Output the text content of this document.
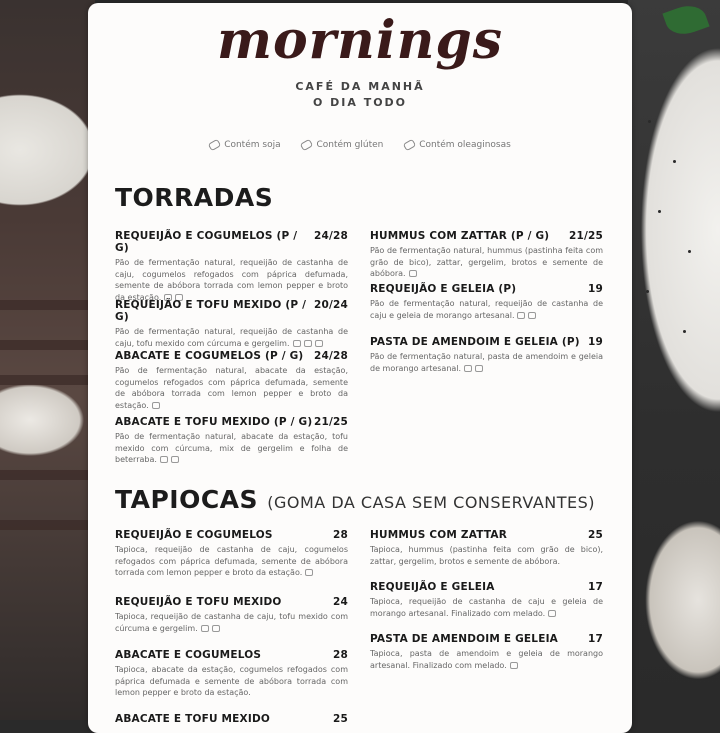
mornings
CAFÉ DA MANHÃ
O DIA TODO
Contém soja	Contém glúten	Contém oleaginosas
TORRADAS
REQUEIJÃO E COGUMELOS (P / G)
24/28
Pão de fermentação natural, requeijão de castanha de caju, cogumelos refogados com páprica defumada, semente de abóbora torrada com lemon pepper e broto da estação.
REQUEIJÃO E TOFU MEXIDO (P / G)
20/24
Pão de fermentação natural, requeijão de castanha de caju, tofu mexido com cúrcuma e gergelim.
ABACATE E COGUMELOS (P / G) 24/28
Pão de fermentação natural, abacate da estação, cogumelos refogados com páprica defumada, semente de abóbora torrada com lemon pepper e broto da estação.
ABACATE E TOFU MEXIDO (P / G) 21/25
Pão de fermentação natural, abacate da estação, tofu mexido com cúrcuma, mix de gergelim e folha de beterraba.
HUMMUS COM ZATTAR (P / G) 21/25
Pão de fermentação natural, hummus (pastinha feita com grão de bico), zattar, gergelim, brotos e semente de abóbora.
REQUEIJÃO E GELEIA (P)	19
Pão de fermentação natural, requeijão de castanha de caju e geleia de morango artesanal.
PASTA DE AMENDOIM E GELEIA (P) 19
Pão de fermentação natural, pasta de amendoim e geleia de morango artesanal.
TAPIOCAS (GOMA DA CASA SEM CONSERVANTES)
REQUEIJÃO E COGUMELOS	28
Tapioca, requeijão de castanha de caju, cogumelos refogados com páprica defumada, semente de abóbora torrada com lemon pepper e broto da estação.
REQUEIJÃO E TOFU MEXIDO	24
Tapioca, requeijão de castanha de caju, tofu mexido com cúrcuma e gergelim.
ABACATE E COGUMELOS	28
Tapioca, abacate da estação, cogumelos refogados com páprica defumada e semente de abóbora torrada com lemon pepper e broto da estação.
ABACATE E TOFU MEXIDO	25
HUMMUS COM ZATTAR	25
Tapioca, hummus (pastinha feita com grão de bico), zattar, gergelim, brotos e semente de abóbora.
REQUEIJÃO E GELEIA	17
Tapioca, requeijão de castanha de caju e geleia de morango artesanal. Finalizado com melado.
PASTA DE AMENDOIM E GELEIA	17
Tapioca, pasta de amendoim e geleia de morango artesanal. Finalizado com melado.
